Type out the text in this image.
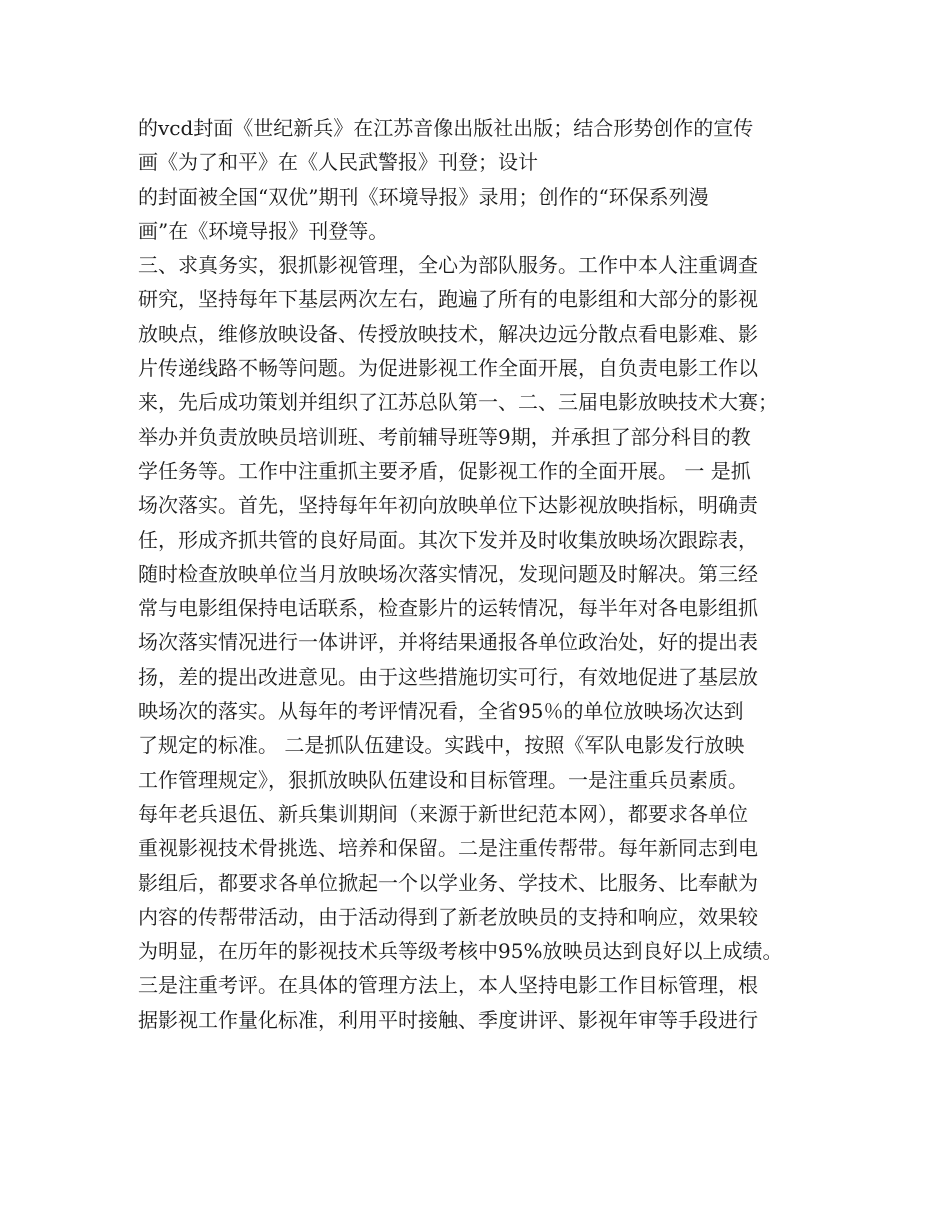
的vcd封面《世纪新兵》在江苏音像出版社出版；结合形势创作的宣传
画《为了和平》在《人民武警报》刊登；设计
的封面被全国“双优”期刊《环境导报》录用；创作的“环保系列漫
画”在《环境导报》刊登等。
三、求真务实，狠抓影视管理，全心为部队服务。工作中本人注重调查
研究，坚持每年下基层两次左右，跑遍了所有的电影组和大部分的影视
放映点，维修放映设备、传授放映技术，解决边远分散点看电影难、影
片传递线路不畅等问题。为促进影视工作全面开展，自负责电影工作以
来，先后成功策划并组织了江苏总队第一、二、三届电影放映技术大赛；
举办并负责放映员培训班、考前辅导班等9期，并承担了部分科目的教
学任务等。工作中注重抓主要矛盾，促影视工作的全面开展。 一 是抓
场次落实。首先，坚持每年年初向放映单位下达影视放映指标，明确责
任，形成齐抓共管的良好局面。其次下发并及时收集放映场次跟踪表，
随时检查放映单位当月放映场次落实情况，发现问题及时解决。第三经
常与电影组保持电话联系，检查影片的运转情况，每半年对各电影组抓
场次落实情况进行一体讲评，并将结果通报各单位政治处，好的提出表
扬，差的提出改进意见。由于这些措施切实可行，有效地促进了基层放
映场次的落实。从每年的考评情况看，全省95％的单位放映场次达到
了规定的标准。 二是抓队伍建设。实践中，按照《军队电影发行放映
工作管理规定》，狠抓放映队伍建设和目标管理。一是注重兵员素质。
每年老兵退伍、新兵集训期间（来源于新世纪范本网），都要求各单位
重视影视技术骨挑选、培养和保留。二是注重传帮带。每年新同志到电
影组后，都要求各单位掀起一个以学业务、学技术、比服务、比奉献为
内容的传帮带活动，由于活动得到了新老放映员的支持和响应，效果较
为明显，在历年的影视技术兵等级考核中95%放映员达到良好以上成绩。
三是注重考评。在具体的管理方法上，本人坚持电影工作目标管理，根
据影视工作量化标准，利用平时接触、季度讲评、影视年审等手段进行
